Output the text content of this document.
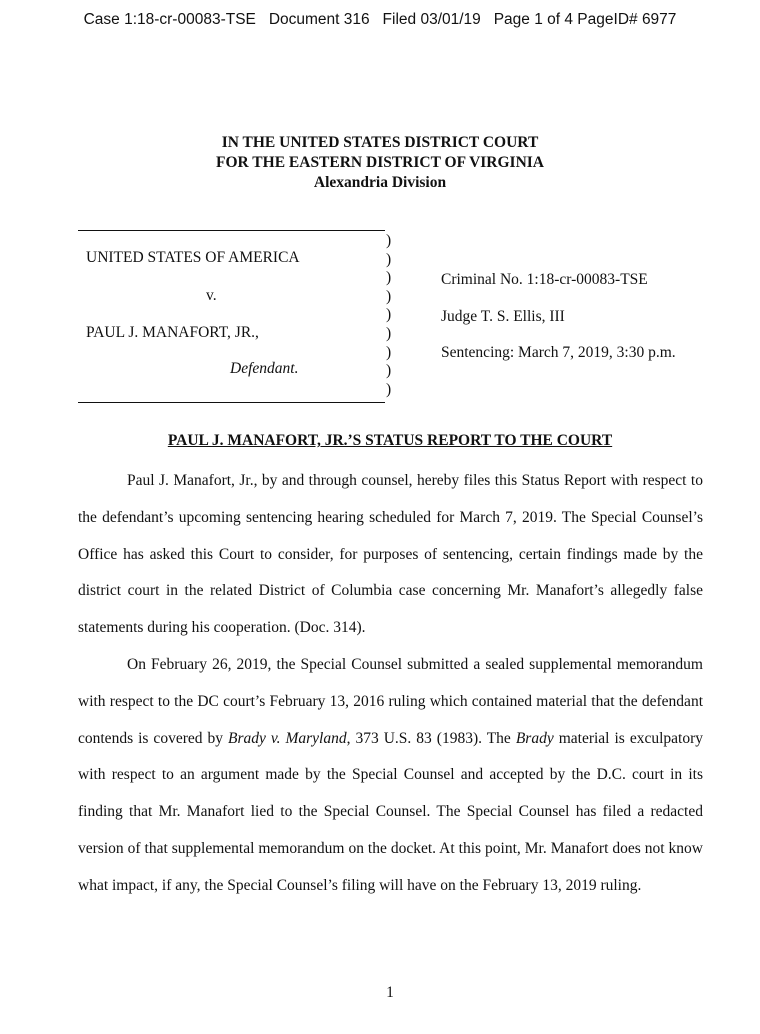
Case 1:18-cr-00083-TSE Document 316 Filed 03/01/19 Page 1 of 4 PageID# 6977
IN THE UNITED STATES DISTRICT COURT
FOR THE EASTERN DISTRICT OF VIRGINIA
Alexandria Division
UNITED STATES OF AMERICA
v.
PAUL J. MANAFORT, JR.,
Defendant.
)
)
)
)
)
)
)
)
)
Criminal No. 1:18-cr-00083-TSE
Judge T. S. Ellis, III
Sentencing: March 7, 2019, 3:30 p.m.
PAUL J. MANAFORT, JR.’S STATUS REPORT TO THE COURT

Paul J. Manafort, Jr., by and through counsel, hereby files this Status Report with respect to the defendant’s upcoming sentencing hearing scheduled for March 7, 2019. The Special Counsel’s Office has asked this Court to consider, for purposes of sentencing, certain findings made by the district court in the related District of Columbia case concerning Mr. Manafort’s allegedly false statements during his cooperation. (Doc. 314).

On February 26, 2019, the Special Counsel submitted a sealed supplemental memorandum with respect to the DC court’s February 13, 2016 ruling which contained material that the defendant contends is covered by Brady v. Maryland, 373 U.S. 83 (1983). The Brady material is exculpatory with respect to an argument made by the Special Counsel and accepted by the D.C. court in its finding that Mr. Manafort lied to the Special Counsel. The Special Counsel has filed a redacted version of that supplemental memorandum on the docket. At this point, Mr. Manafort does not know what impact, if any, the Special Counsel’s filing will have on the February 13, 2019 ruling.

1
